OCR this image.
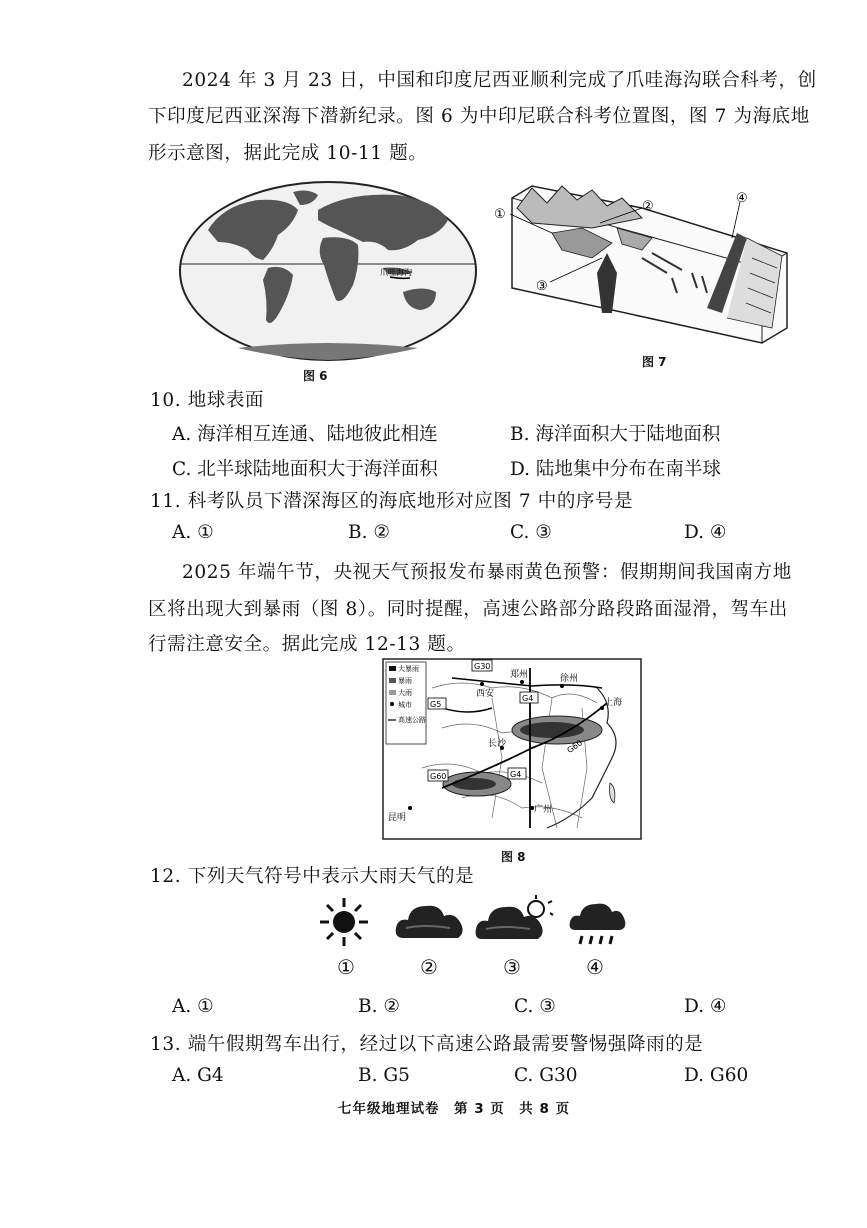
2024 年 3 月 23 日，中国和印度尼西亚顺利完成了爪哇海沟联合科考，创
下印度尼西亚深海下潜新纪录。图 6 为中印尼联合科考位置图，图 7 为海底地
形示意图，据此完成 10-11 题。
爪哇海沟
图 6
①
②
③
④
图 7
10. 地球表面
A. 海洋相互连通、陆地彼此相连	B. 海洋面积大于陆地面积
C. 北半球陆地面积大于海洋面积	D. 陆地集中分布在南半球
11. 科考队员下潜深海区的海底地形对应图 7 中的序号是
A. ①	B. ②	C. ③	D. ④
2025 年端午节，央视天气预报发布暴雨黄色预警：假期期间我国南方地
区将出现大到暴雨（图 8）。同时提醒，高速公路部分路段路面湿滑，驾车出
行需注意安全。据此完成 12-13 题。
大暴雨
暴雨
大雨
城市
高速公路
G30
G4
G5
G60	G4
G60
西安
郑州	徐州
上海
长沙
广州
昆明
图 8
12. 下列天气符号中表示大雨天气的是
①	②	③	④
A. ①	B. ②	C. ③	D. ④
13. 端午假期驾车出行，经过以下高速公路最需要警惕强降雨的是
A. G4	B. G5	C. G30	D. G60
七年级地理试卷　第 3 页　共 8 页
